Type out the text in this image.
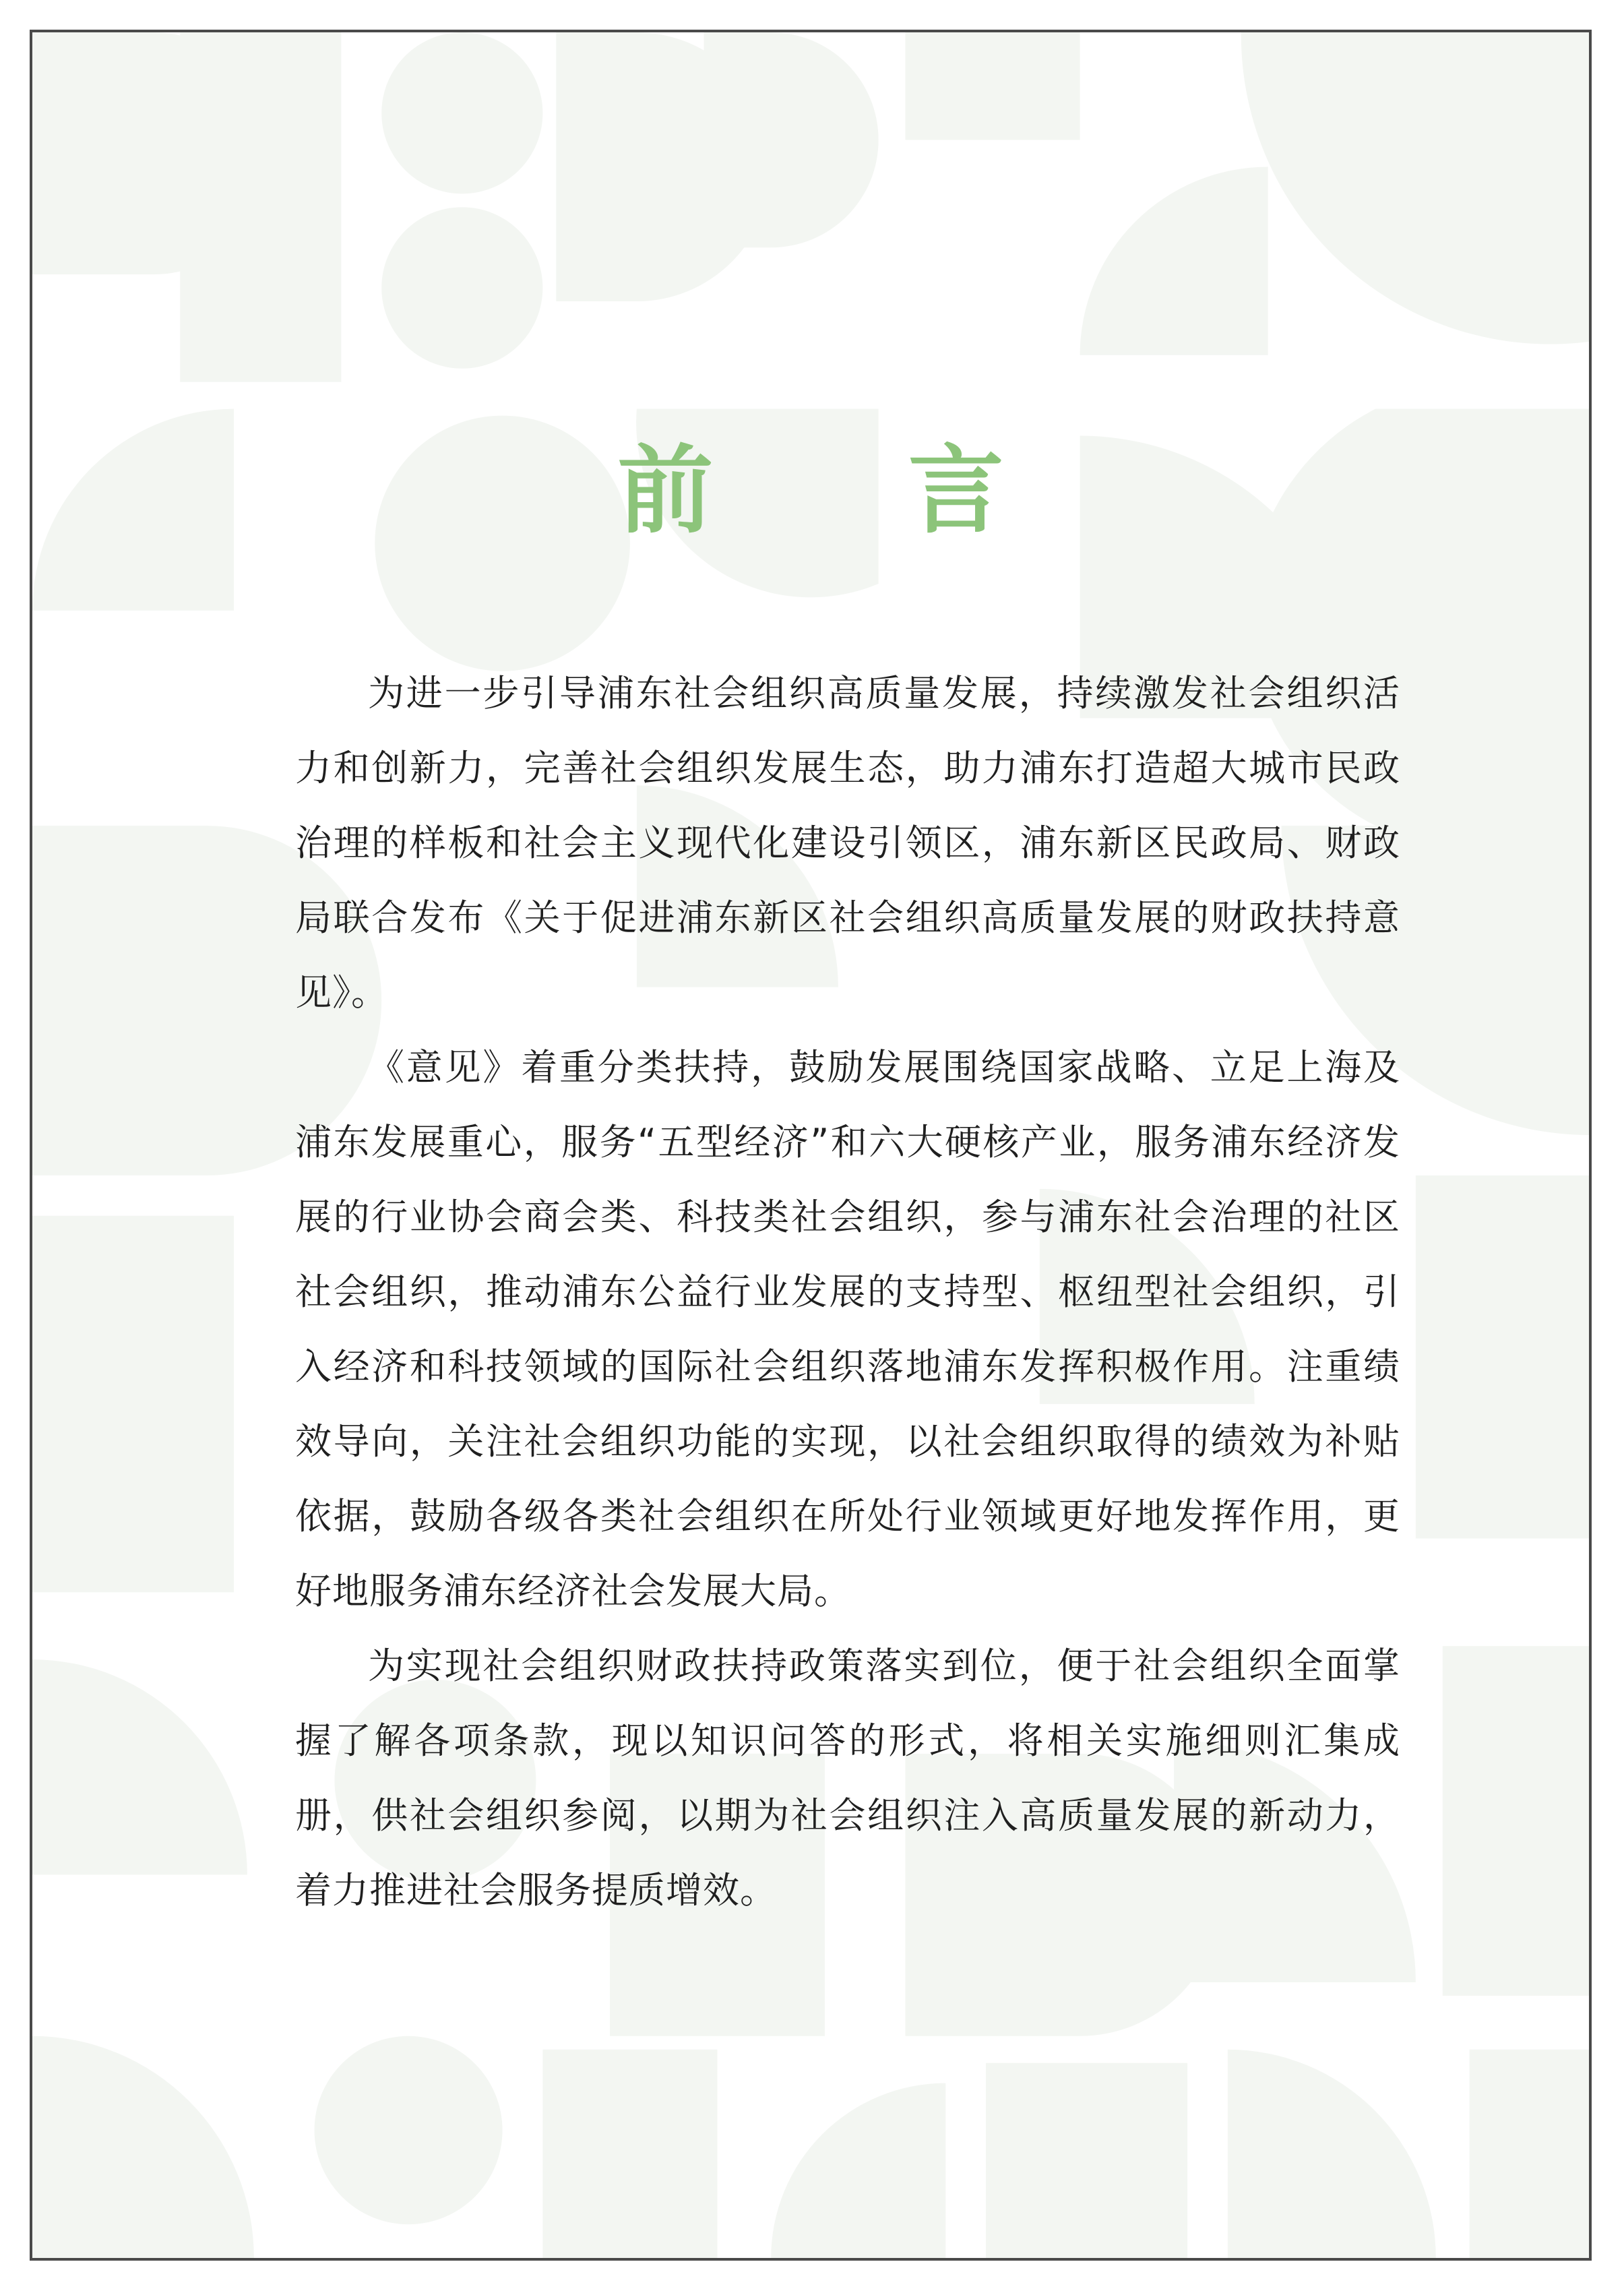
前 言

为进一步引导浦东社会组织高质量发展，持续激发社会组织活力和创新力，完善社会组织发展生态，助力浦东打造超大城市民政治理的样板和社会主义现代化建设引领区，浦东新区民政局、财政局联合发布《关于促进浦东新区社会组织高质量发展的财政扶持意见》。

《意见》着重分类扶持，鼓励发展围绕国家战略、立足上海及浦东发展重心，服务“五型经济”和六大硬核产业，服务浦东经济发展的行业协会商会类、科技类社会组织，参与浦东社会治理的社区社会组织，推动浦东公益行业发展的支持型、枢纽型社会组织，引入经济和科技领域的国际社会组织落地浦东发挥积极作用。注重绩效导向，关注社会组织功能的实现，以社会组织取得的绩效为补贴依据，鼓励各级各类社会组织在所处行业领域更好地发挥作用，更好地服务浦东经济社会发展大局。

为实现社会组织财政扶持政策落实到位，便于社会组织全面掌握了解各项条款，现以知识问答的形式，将相关实施细则汇集成册，供社会组织参阅，以期为社会组织注入高质量发展的新动力，着力推进社会服务提质增效。
